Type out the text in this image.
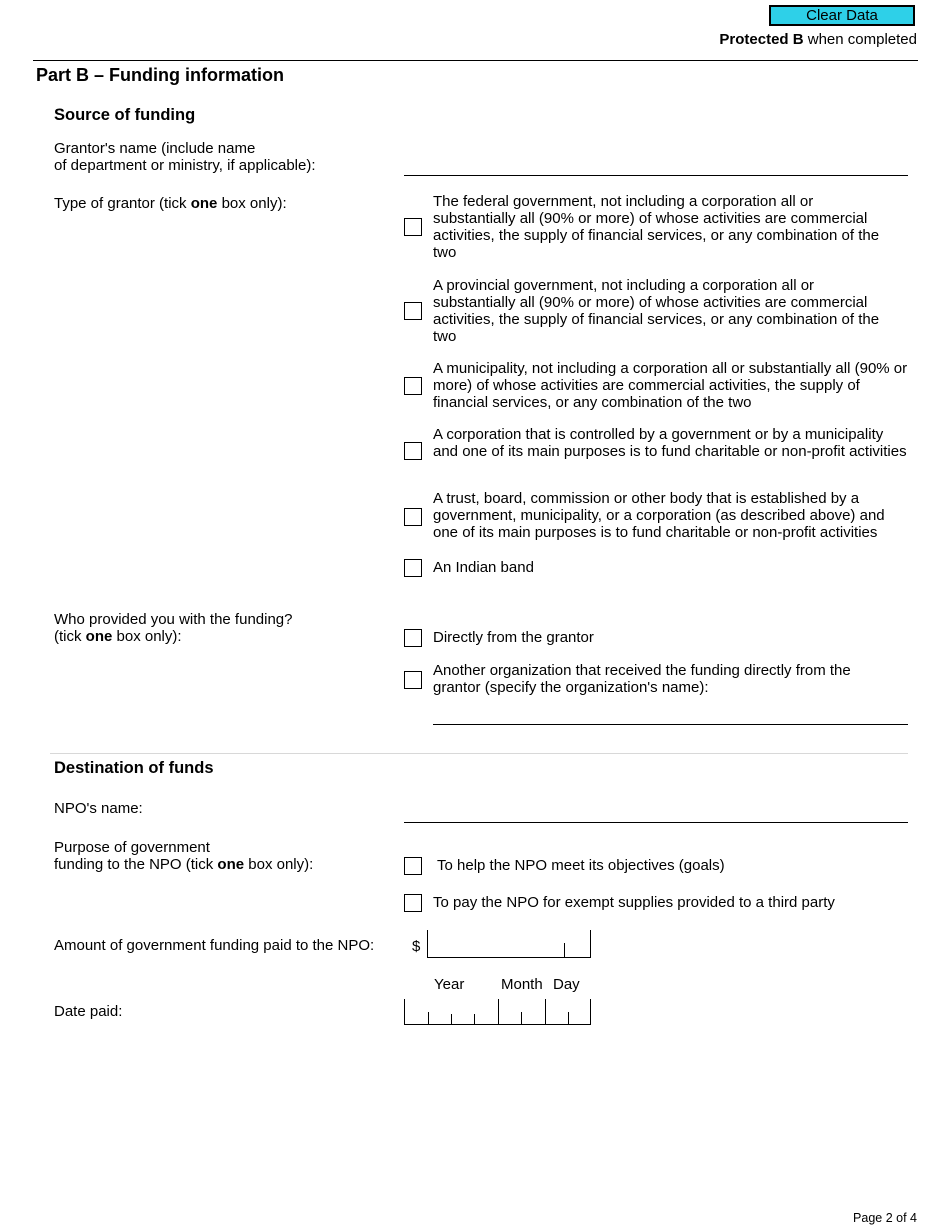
Clear Data
Protected B when completed
Part B – Funding information
Source of funding
Grantor's name (include name
of department or ministry, if applicable):
Type of grantor (tick one box only):	The federal government, not including a corporation all or substantially all (90% or more) of whose activities are commercial activities, the supply of financial services, or any combination of the two
A provincial government, not including a corporation all or substantially all (90% or more) of whose activities are commercial activities, the supply of financial services, or any combination of the two
A municipality, not including a corporation all or substantially all (90% or more) of whose activities are commercial activities, the supply of financial services, or any combination of the two
A corporation that is controlled by a government or by a municipality and one of its main purposes is to fund charitable or non-profit activities
A trust, board, commission or other body that is established by a government, municipality, or a corporation (as described above) and one of its main purposes is to fund charitable or non-profit activities
An Indian band
Who provided you with the funding?
(tick one box only):	Directly from the grantor
Another organization that received the funding directly from the grantor (specify the organization's name):
Destination of funds
NPO's name:
Purpose of government
funding to the NPO (tick one box only):	To help the NPO meet its objectives (goals)
To pay the NPO for exempt supplies provided to a third party
Amount of government funding paid to the NPO:	$
Year Month Day
Date paid:
Page 2 of 4
